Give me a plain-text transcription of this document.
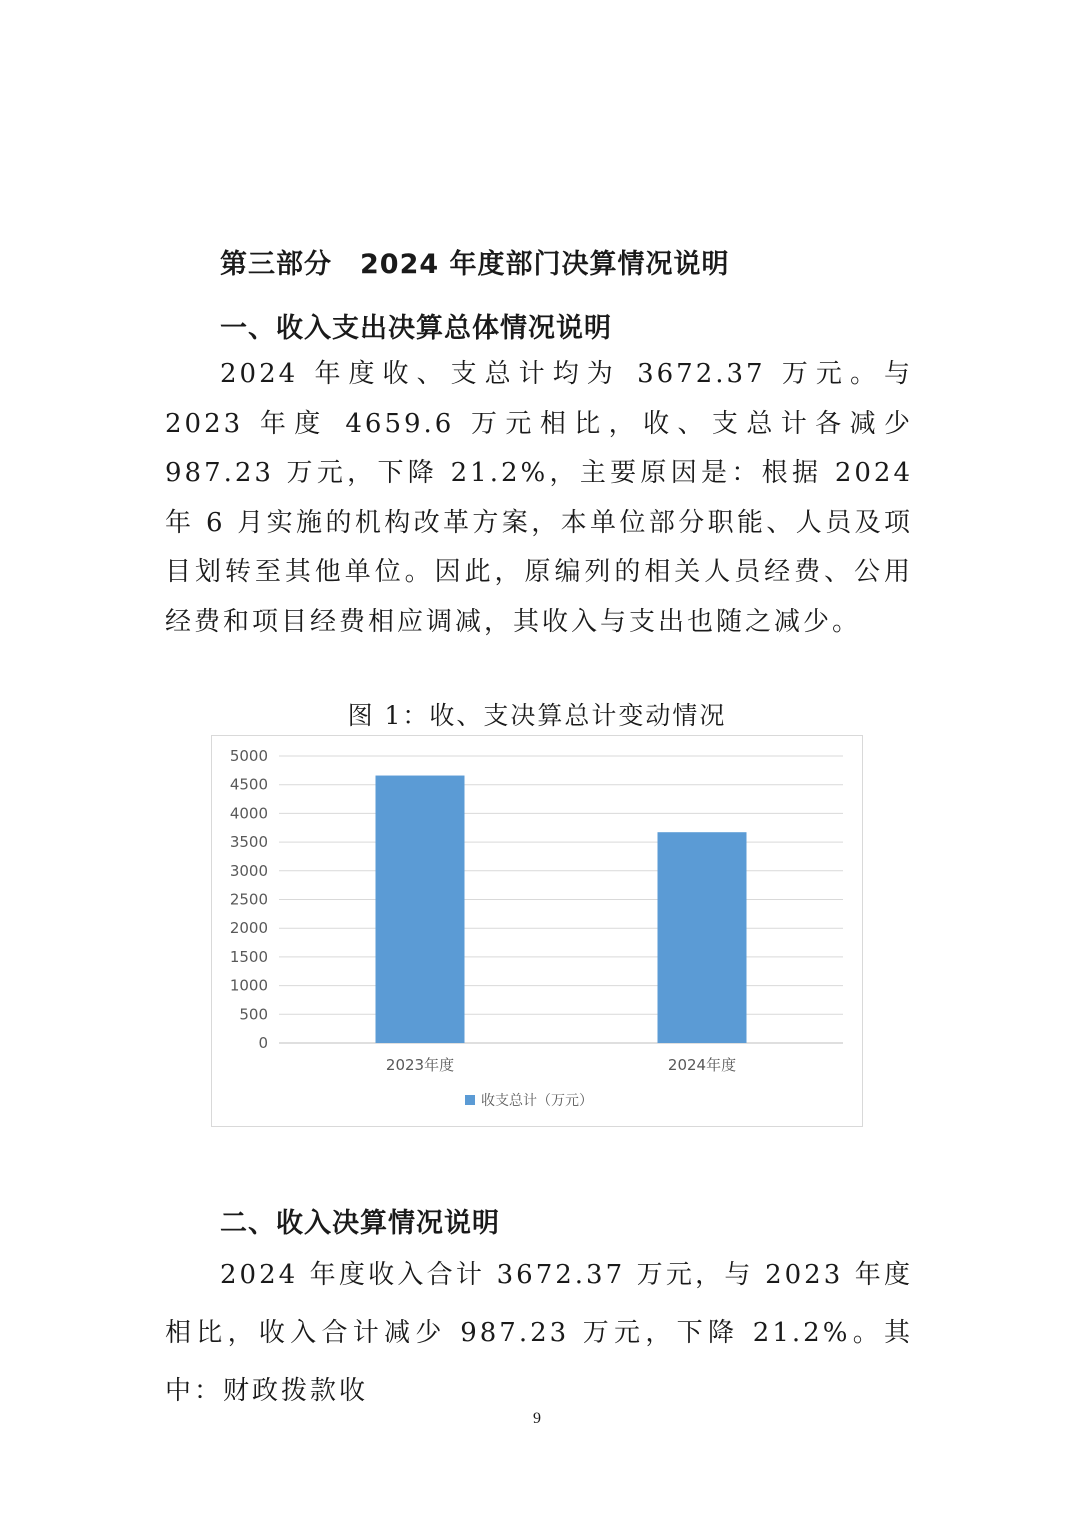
第三部分　2024 年度部门决算情况说明
一、收入支出决算总体情况说明

2024 年度收、支总计均为 3672.37 万元。与 2023 年度 4659.6 万元相比，收、支总计各减少 987.23 万元，下降 21.2%，主要原因是：根据 2024 年 6 月实施的机构改革方案，本单位部分职能、人员及项目划转至其他单位。因此，原编列的相关人员经费、公用经费和项目经费相应调减，其收入与支出也随之减少。

图 1：收、支决算总计变动情况

0
500
1000
1500
2000
2500
3000
3500
4000
4500
5000
2023年度	2024年度
收支总计（万元）
二、收入决算情况说明

2024 年度收入合计 3672.37 万元，与 2023 年度相比，收入合计减少 987.23 万元，下降 21.2%。其中：财政拨款收

9
